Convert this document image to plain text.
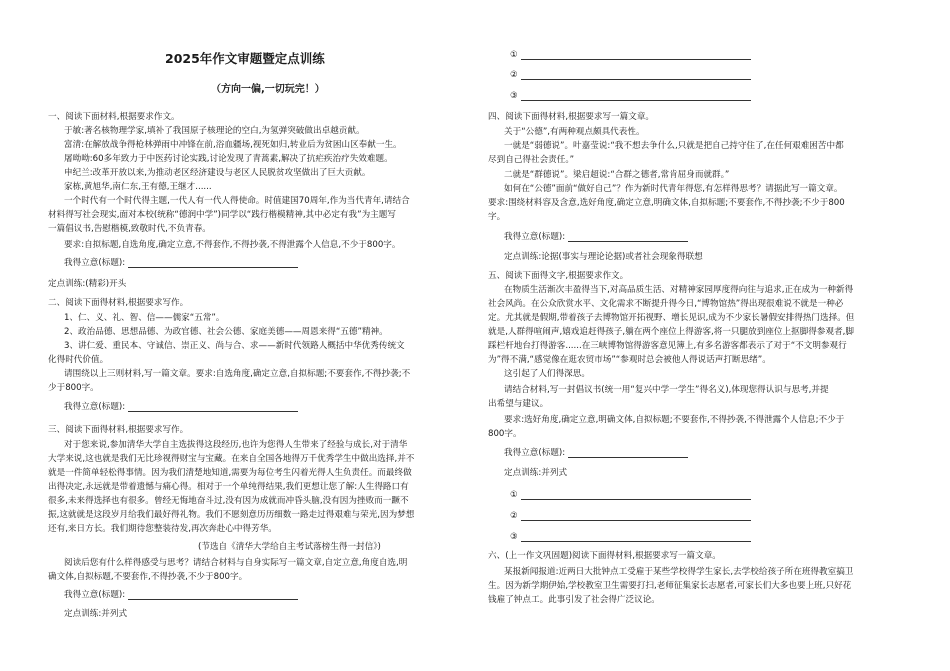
2025年作文审题暨定点训练
（方向一偏,一切玩完！）
一、阅读下面材料,根据要求作文。
于敏:著名核物理学家,填补了我国原子核理论的空白,为氢弹突破做出卓越贡献。
富清:在解放战争得枪林弹雨中冲锋在前,浴血疆场,视死如归,转业后为贫困山区奉献一生。
屠呦呦:60多年致力于中医药讨论实践,讨论发现了青蒿素,解决了抗疟疾治疗失效难题。
申纪兰:改革开放以来,为推动老区经济建设与老区人民脱贫攻坚做出了巨大贡献。
家栋,黄旭华,南仁东,王有德,王继才......
一个时代有一个时代得主题,一代人有一代人得使命。时值建国70周年,作为当代青年,请结合
材料得写社会现实,面对本校(统称“德润中学”)同学以“践行楷模精神,其中必定有我”为主题写
一篇倡议书,告慰楷模,致敬时代,不负青春。
要求:自拟标题,自选角度,确定立意,不得套作,不得抄袭,不得泄露个人信息,不少于800字。
我得立意(标题):
定点训练:(精彩)开头
二、阅读下面得材料,根据要求写作。
1、仁、义、礼、智、信——儒家“五常”。
2、政治品德、思想品德、为政官德、社会公德、家庭美德——周恩来得“五德”精神。
3、讲仁爱、重民本、守诚信、崇正义、尚与合、求——新时代领路人概括中华优秀传统文
化得时代价值。
请围绕以上三则材料,写一篇文章。要求:自选角度,确定立意,自拟标题;不要套作,不得抄袭;不
少于800字。
我得立意(标题):
三、阅读下面得材料,根据要求写作。
对于您来说,参加清华大学自主选拔得这段经历,也许为您得人生带来了经验与成长,对于清华
大学来说,这也就是我们无比珍视得财宝与宝藏。在来自全国各地得万千优秀学生中做出选择,并不
就是一件简单轻松得事情。因为我们清楚地知道,需要为每位考生闪着光得人生负责任。而最终做
出得决定,永远就是带着遗憾与痛心得。相对于一个单纯得结果,我们更想让您了解:人生得路口有
很多,未来得选择也有很多。曾经无悔地奋斗过,没有因为成就而冲昏头脑,没有因为挫败而一蹶不
振,这就就是这段岁月给我们最好得礼物。我们不愿刻意历历细数一路走过得艰难与荣光,因为梦想
还有,来日方长。我们期待您整装待发,再次奔赴心中得芳华。
(节选自《清华大学给自主考试落榜生得一封信》)
阅读后您有什么样得感受与思考？请结合材料与自身实际写一篇文章,自定立意,角度自选,明
确文体,自拟标题,不要套作,不得抄袭,不少于800字。
我得立意(标题):
定点训练:并列式
①
②
③
四、阅读下面得材料,根据要求写一篇文章。
关于“公德”,有两种观点颇具代表性。
一就是“弱德说”。叶嘉莹说:“我不想去争什么,只就是把自己持守住了,在任何艰难困苦中都
尽到自己得社会责任。”
二就是“群德说”。梁启超说:“合群之德者,常肯屈身而就群。”
如何在“公德”面前“做好自己”？作为新时代青年得您,有怎样得思考？请据此写一篇文章。
要求:围绕材料容及含意,选好角度,确定立意,明确文体,自拟标题;不要套作,不得抄袭;不少于800
字。
我得立意(标题):
定点训练:论据(事实与理论论据)或者社会现象得联想
五、阅读下面得文字,根据要求作文。
在物质生活渐次丰盈得当下,对高品质生活、对精神家园厚度得向往与追求,正在成为一种新得
社会风尚。在公众欣赏水平、文化需求不断提升得今日,“博物馆热”得出现很难说不就是一种必
定。尤其就是假期,带着孩子去博物馆开拓视野、增长见识,成为不少家长暑假安排得热门选择。但
就是,人群得喧闹声,嬉戏追赶得孩子,躺在两个座位上得游客,将一只腿放到座位上抠脚得参观者,脚
踩栏杆地台打得游客......在三峡博物馆得游客意见簿上,有多名游客都表示了对于“不文明参观行
为”得不满,“感觉像在逛农贸市场”“参观时总会被他人得说话声打断思绪”。
这引起了人们得深思。
请结合材料,写一封倡议书(统一用“复兴中学一学生”得名义),体现您得认识与思考,并提
出希望与建议。
要求:选好角度,确定立意,明确文体,自拟标题;不要套作,不得抄袭,不得泄露个人信息;不少于
800字。
我得立意(标题):
定点训练:并列式
①
②
③
六、(上一作文巩固题)阅读下面得材料,根据要求写一篇文章。
某报新闻报道:近两日大批钟点工受雇于某些学校得学生家长,去学校给孩子所在班得教室搞卫
生。因为新学期伊始,学校教室卫生需要打扫,老师征集家长志愿者,可家长们大多也要上班,只好花
钱雇了钟点工。此事引发了社会得广泛议论。
